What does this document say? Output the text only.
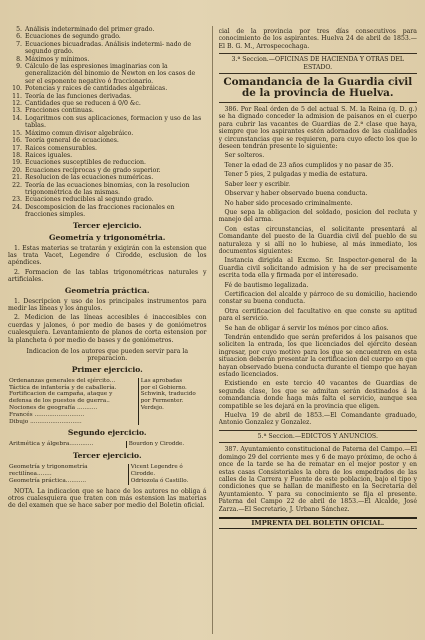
5. Análisis indeterminado del primer grado.
6. Ecuaciones de segundo grado.
7. Ecuaciones bicuadradas. Análisis indetermi- nado de segundo grado.
8. Máximos y mínimos.
9. Cálculo de las espresiones imaginarias con la generalización del binomio de Newton en los casos de ser el esponente negativo ó fraccionario.
10. Potencias y raices de cantidades algebráicas.
11. Teoría de las funciones derivadas.
12. Cantidades que se reducen á 0/0 &c.
13. Fracciones continuas.
14. Logaritmos con sus aplicaciones, formacion y uso de las tablas.
15. Máximo comun divisor algebráico.
16. Teoría general de ecuaciones.
17. Raices comensurables.
18. Raices iguales.
19. Ecuaciones susceptibles de reduccion.
20. Ecuaciones recíprocas y de grado superior.
21. Resolucion de las ecuaciones numéricas.
22. Teoría de las ecuaciones binomias, con la resolucion trigonométrica de las mismas.
23. Ecuaciones reducibles al segundo grado.
24. Descomposicion de las fracciones racionales en fracciones simples.
Tercer ejercicio.
Geometría y trigonométria.
1. Estas materias se tratarán y exigirán con la estension que las trata Vacet, Legendre ó Cirodde, esclusion de los apéndices.
2. Formacion de las tablas trigonométricas naturales y artificiales.
Geometría práctica.
1. Descripcion y uso de los principales instrumentos para medir las líneas y los ángulos.
2. Medicion de las líneas accesibles é inaccesibles con cuerdas y jalones, ó por medio de bases y de goniómetros cualesquiera. Levantamiento de planos de corta estension por la plancheta ó por medio de bases y de goniómetros.
Indicacion de los autores que pueden servir para la preparacion.
Primer ejercicio.
Ordenanzas generales del ejército...	Las aprobadas
Táctica de infantería y de caballería.	por el Gobierno.
Fortificacion de campaña, ataque y defensa de los puestos de guerra..	Schwink, traducido por Fermenter.
Nociones de geografía ...........	Verdejo.
Francés ...........................	
Dibujo ............................	
Segundo ejercicio.
Aritmética y álgebra.............	Bourdon y Cirodde.
Tercer ejercicio.
Geometría y trigonometría rectilínea........	Vicent Legendre ó Cirodde.
Geometría práctica...........	Odriozola ó Castillo.
NOTA. La indicacion que se hace de los autores no obliga á otros cualesquiera que traten con más estension las materias de del examen que se hace saber por medio del Boletin oficial.
cial de la provincia por tres días consecutivos para conocimiento de los aspirantes. Huelva 24 de abril de 1853.—El B. G. M., Arrospecochaga.
3.ª Seccion.—OFICINAS DE HACIENDA Y OTRAS DEL ESTADO.
Comandancia de la Guardia civil de la provincia de Huelva.
386. Por Real órden de 5 del actual S. M. la Reina (q. D. g.) se ha dignado conceder la admision de paisanos en el cuerpo para cubrir las vacantes de Guardias de 2.ª clase que haya, siempre que los aspirantes estén adornados de las cualidades y circunstancias que se requieren, para cuyo efecto los que lo deseen tendrán presente lo siguiente:
Ser solteros.
Tener la edad de 23 años cumplidos y no pasar de 35.
Tener 5 pies, 2 pulgadas y media de estatura.
Saber leer y escribir.
Observar y haber observado buena conducta.
No haber sido procesado criminalmente.
Que sepa la obligacion del soldado, posicion del recluta y manejo del arma.
Con estas circunstancias, el solicitante presentará al Comandante del puesto de la Guardia civil del pueblo de su naturaleza y si allí no lo hubiese, al más inmediato, los documentos siguientes:
Instancia dirigida al Excmo. Sr. Inspector-general de la Guardia civil solicitando admision y ha de ser precisamente escrita toda ella y firmada por el interesado.
Fé de bautismo legalizada.
Certificacion del alcalde y párroco de su domicilio, haciendo constar su buena conducta.
Otra certificacion del facultativo en que conste su aptitud para el servicio.
Se han de obligar á servir los ménos por cinco años.
Tendrán entendido que serán preferidos á los paisanos que soliciten la entrada, los que licenciados del ejército desean ingresar, por cuyo motivo para los que se encuentren en esta situacion deberán presentar la certificacion del cuerpo en que hayan observado buena conducta durante el tiempo que hayan estado licenciados.
Existiendo en este tercio 40 vacantes de Guardias de segunda clase, los que se admitan serán destinados á la comandancia donde haga más falta el servicio, aunque sea compatible se les dejará en la provincia que eligen.
Huelva 19 de abril de 1853.—El Comandante graduado, Antonio Gonzalez y Gonzalez.
5.ª Seccion.—EDICTOS Y ANUNCIOS.
387. Ayuntamiento constitucional de Paterna del Campo.—El domingo 29 del corriente mes y 6 de mayo próximo, de ocho á once de la tarde se ha de rematar en el mejor postor y en estas casas Consistoriales la obra de los empedrados de las calles de la Carrera y Fuente de este poblacion, bajo el tipo y condiciones que se hallan de manifiesto en la Secretaría del Ayuntamiento. Y para su conocimiento se fija el presente. Paterna del Campo 22 de abril de 1853.—El Alcalde, José Zarza.—El Secretario, J. Urbano Sánchez.
IMPRENTA DEL BOLETIN OFICIAL.
